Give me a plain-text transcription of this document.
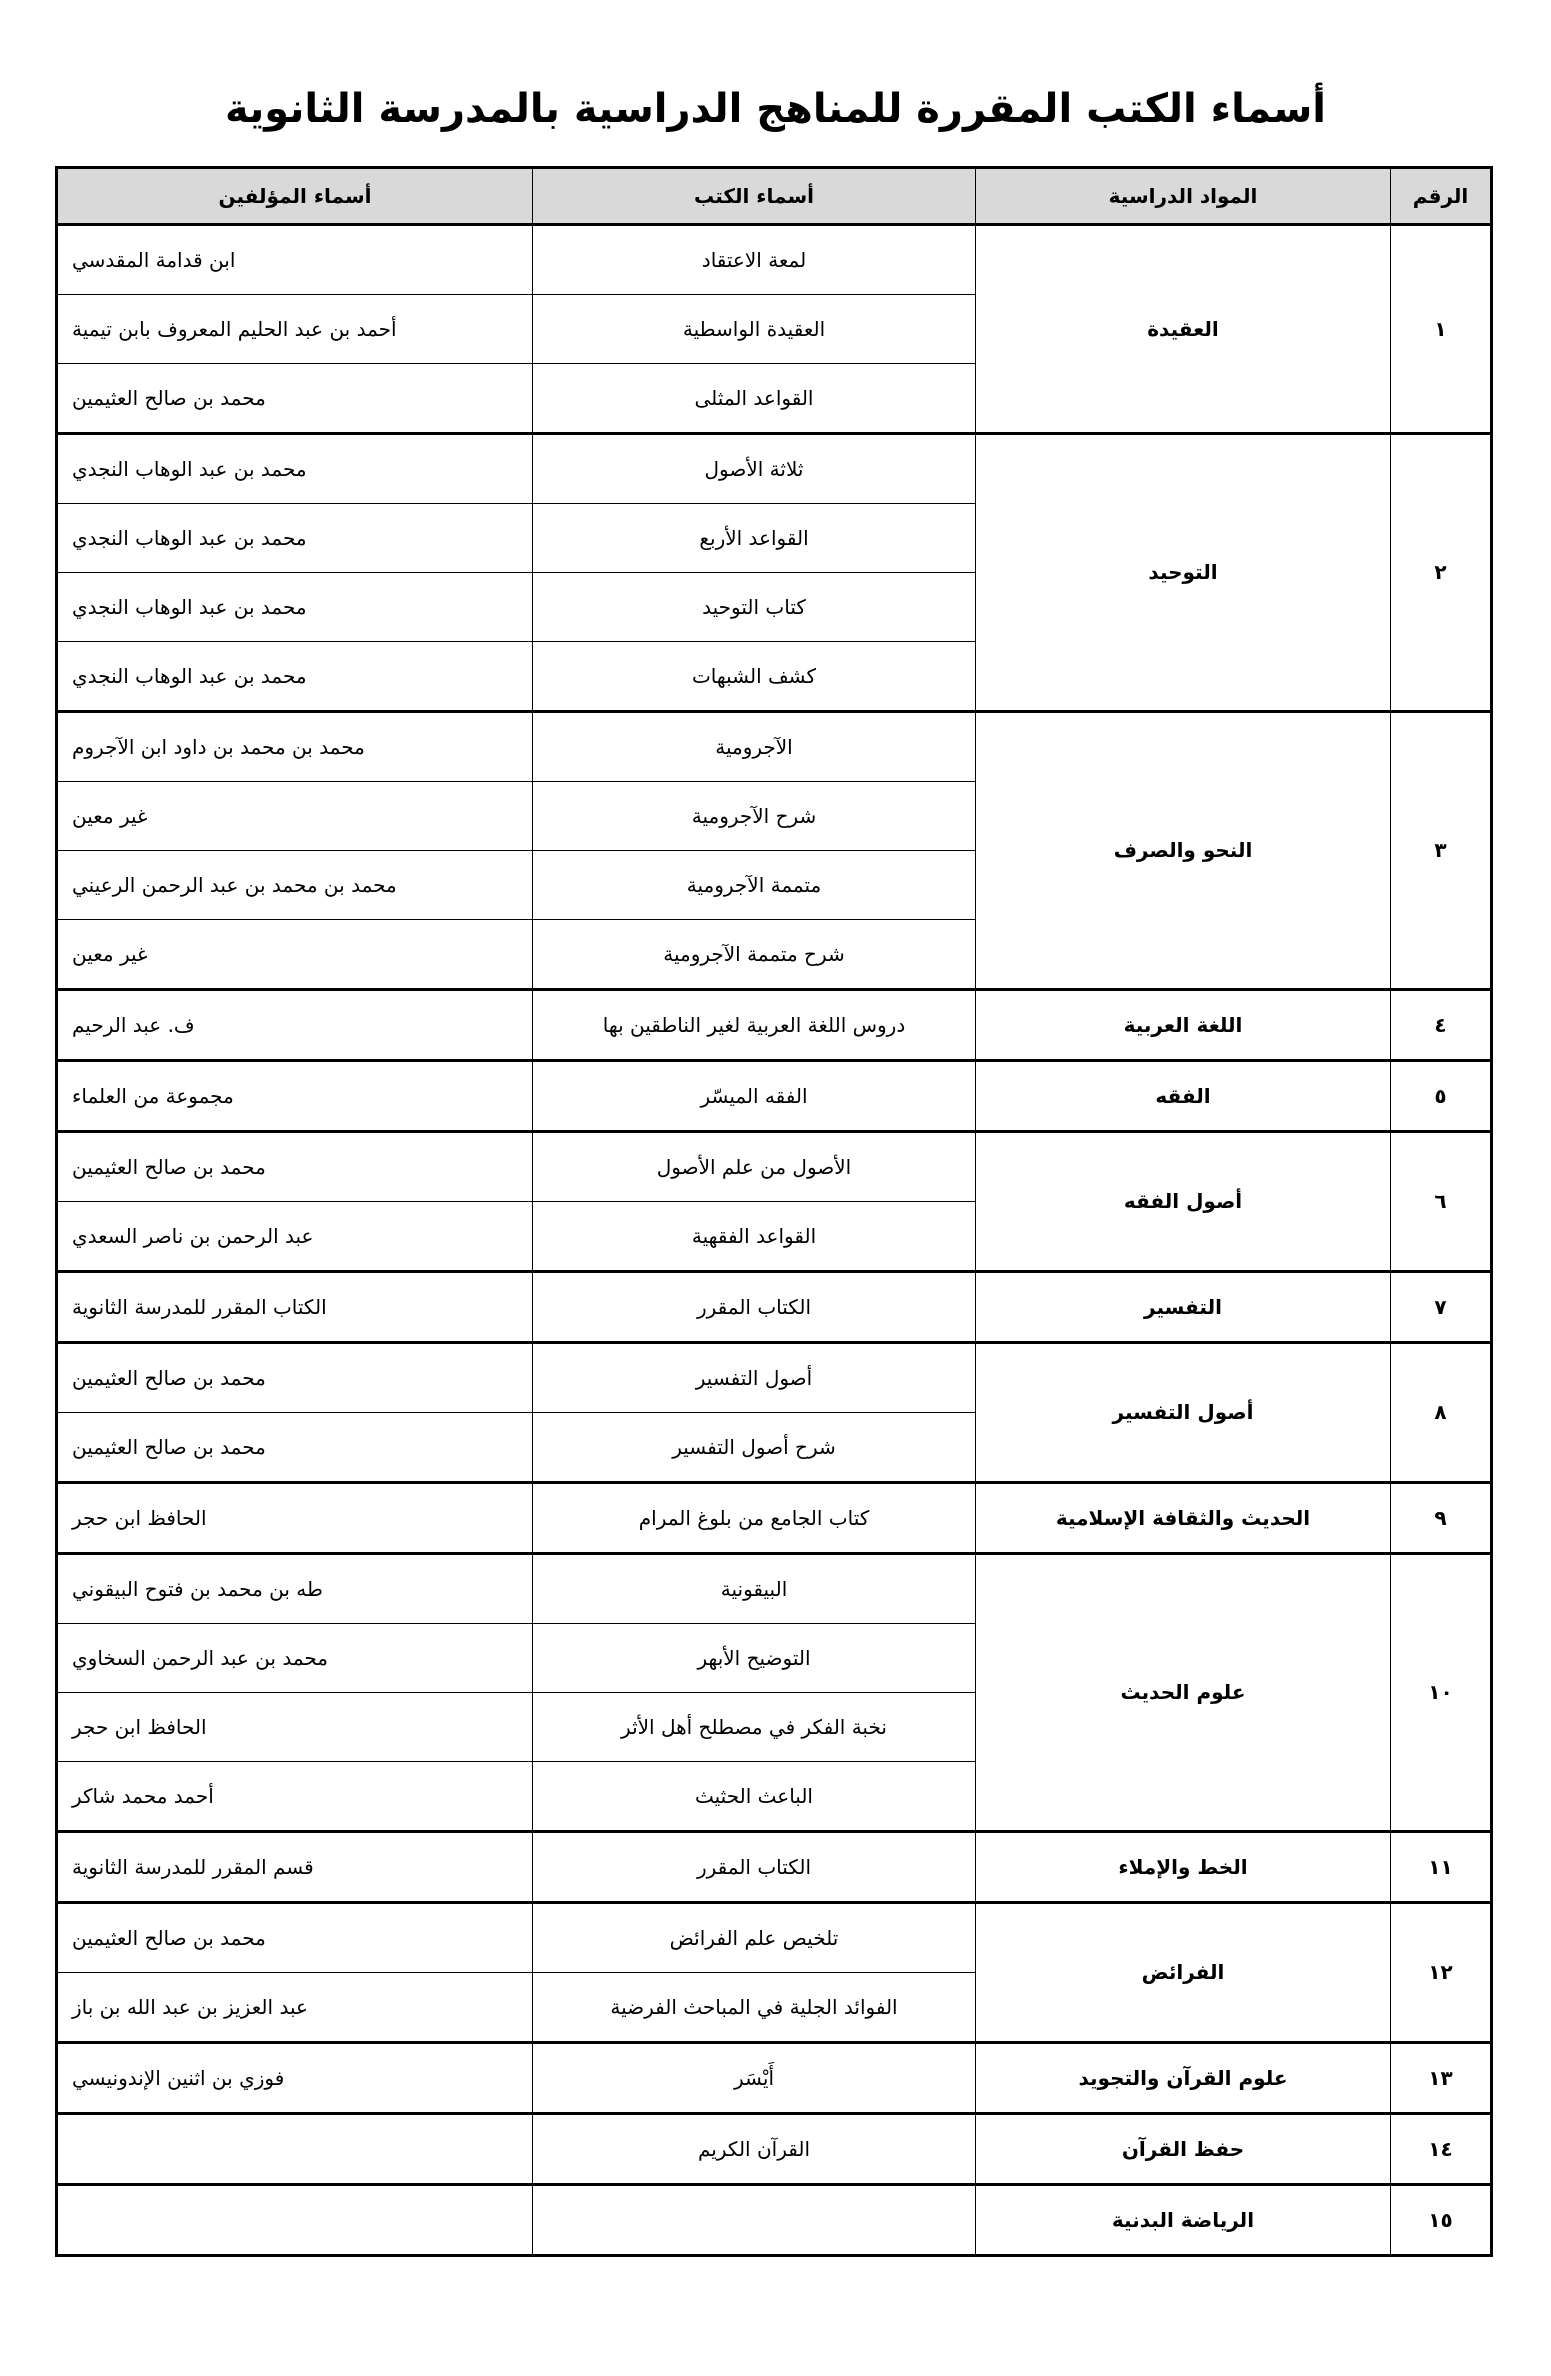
أسماء الكتب المقررة للمناهج الدراسية بالمدرسة الثانوية
الرقم	المواد الدراسية	أسماء الكتب	أسماء المؤلفين
١	العقيدة	لمعة الاعتقاد	ابن قدامة المقدسي
		العقيدة الواسطية	أحمد بن عبد الحليم المعروف بابن تيمية
		القواعد المثلى	محمد بن صالح العثيمين
٢	التوحيد	ثلاثة الأصول	محمد بن عبد الوهاب النجدي
		القواعد الأربع	محمد بن عبد الوهاب النجدي
		كتاب التوحيد	محمد بن عبد الوهاب النجدي
		كشف الشبهات	محمد بن عبد الوهاب النجدي
٣	النحو والصرف	الآجرومية	محمد بن محمد بن داود ابن الآجروم
		شرح الآجرومية	غير معين
		متممة الآجرومية	محمد بن محمد بن عبد الرحمن الرعيني
		شرح متممة الآجرومية	غير معين
٤	اللغة العربية	دروس اللغة العربية لغير الناطقين بها	ف. عبد الرحيم
٥	الفقه	الفقه الميسّر	مجموعة من العلماء
٦	أصول الفقه	الأصول من علم الأصول	محمد بن صالح العثيمين
		القواعد الفقهية	عبد الرحمن بن ناصر السعدي
٧	التفسير	الكتاب المقرر	الكتاب المقرر للمدرسة الثانوية
٨	أصول التفسير	أصول التفسير	محمد بن صالح العثيمين
		شرح أصول التفسير	محمد بن صالح العثيمين
٩	الحديث والثقافة الإسلامية	كتاب الجامع من بلوغ المرام	الحافظ ابن حجر
١٠	علوم الحديث	البيقونية	طه بن محمد بن فتوح البيقوني
		التوضيح الأبهر	محمد بن عبد الرحمن السخاوي
		نخبة الفكر في مصطلح أهل الأثر	الحافظ ابن حجر
		الباعث الحثيث	أحمد محمد شاكر
١١	الخط والإملاء	الكتاب المقرر	قسم المقرر للمدرسة الثانوية
١٢	الفرائض	تلخيص علم الفرائض	محمد بن صالح العثيمين
		الفوائد الجلية في المباحث الفرضية	عبد العزيز بن عبد الله بن باز
١٣	علوم القرآن والتجويد	أَيْسَر	فوزي بن اثنين الإندونيسي
١٤	حفظ القرآن	القرآن الكريم	
١٥	الرياضة البدنية		
